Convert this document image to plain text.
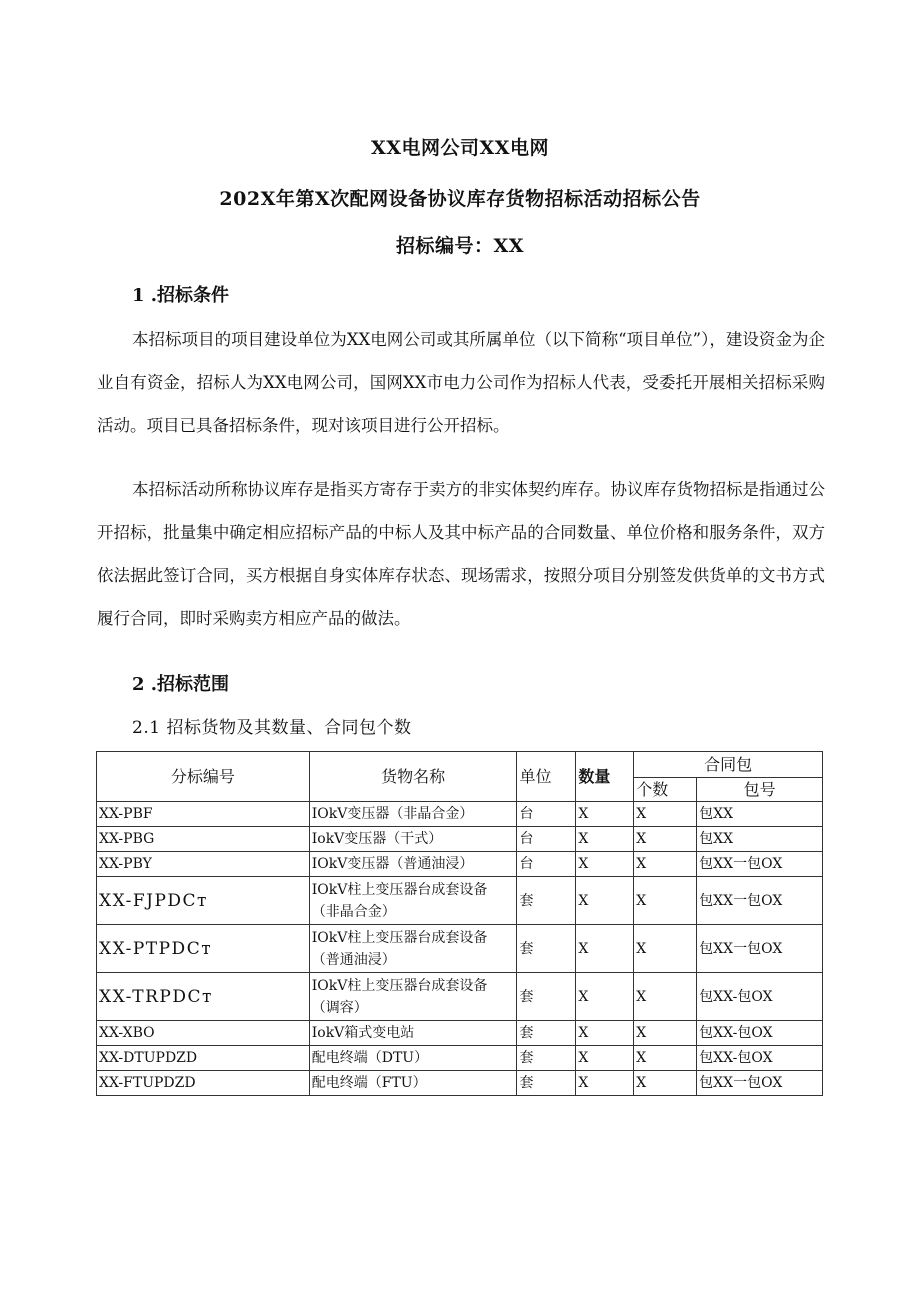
XX电网公司XX电网
202X年第X次配网设备协议库存货物招标活动招标公告
招标编号：XX
1 .招标条件
本招标项目的项目建设单位为XX电网公司或其所属单位（以下简称“项目单位”），建设资金为企业自有资金，招标人为XX电网公司，国网XX市电力公司作为招标人代表，受委托开展相关招标采购活动。项目已具备招标条件，现对该项目进行公开招标。
本招标活动所称协议库存是指买方寄存于卖方的非实体契约库存。协议库存货物招标是指通过公开招标，批量集中确定相应招标产品的中标人及其中标产品的合同数量、单位价格和服务条件，双方依法据此签订合同，买方根据自身实体库存状态、现场需求，按照分项目分别签发供货单的文书方式履行合同，即时采购卖方相应产品的做法。
2 .招标范围
2.1 招标货物及其数量、合同包个数
分标编号	货物名称	单位	数量	合同包	
				个数	包号
XX-PBF	IOkV变压器（非晶合金）	台	X	X	包XX
XX-PBG	IokV变压器（干式）	台	X	X	包XX
XX-PBY	IOkV变压器（普通油浸）	台	X	X	包XX一包OX
XX-FJPDCт	IOkV柱上变压器台成套设备（非晶合金）	套	X	X	包XX一包OX
XX-PTPDCт	IOkV柱上变压器台成套设备（普通油浸）	套	X	X	包XX一包OX
XX-TRPDCт	IOkV柱上变压器台成套设备（调容）	套	X	X	包XX-包OX
XX-XBO	IokV箱式变电站	套	X	X	包XX-包OX
XX-DTUPDZD	配电终端（DTU）	套	X	X	包XX-包OX
XX-FTUPDZD	配电终端（FTU）	套	X	X	包XX一包OX
